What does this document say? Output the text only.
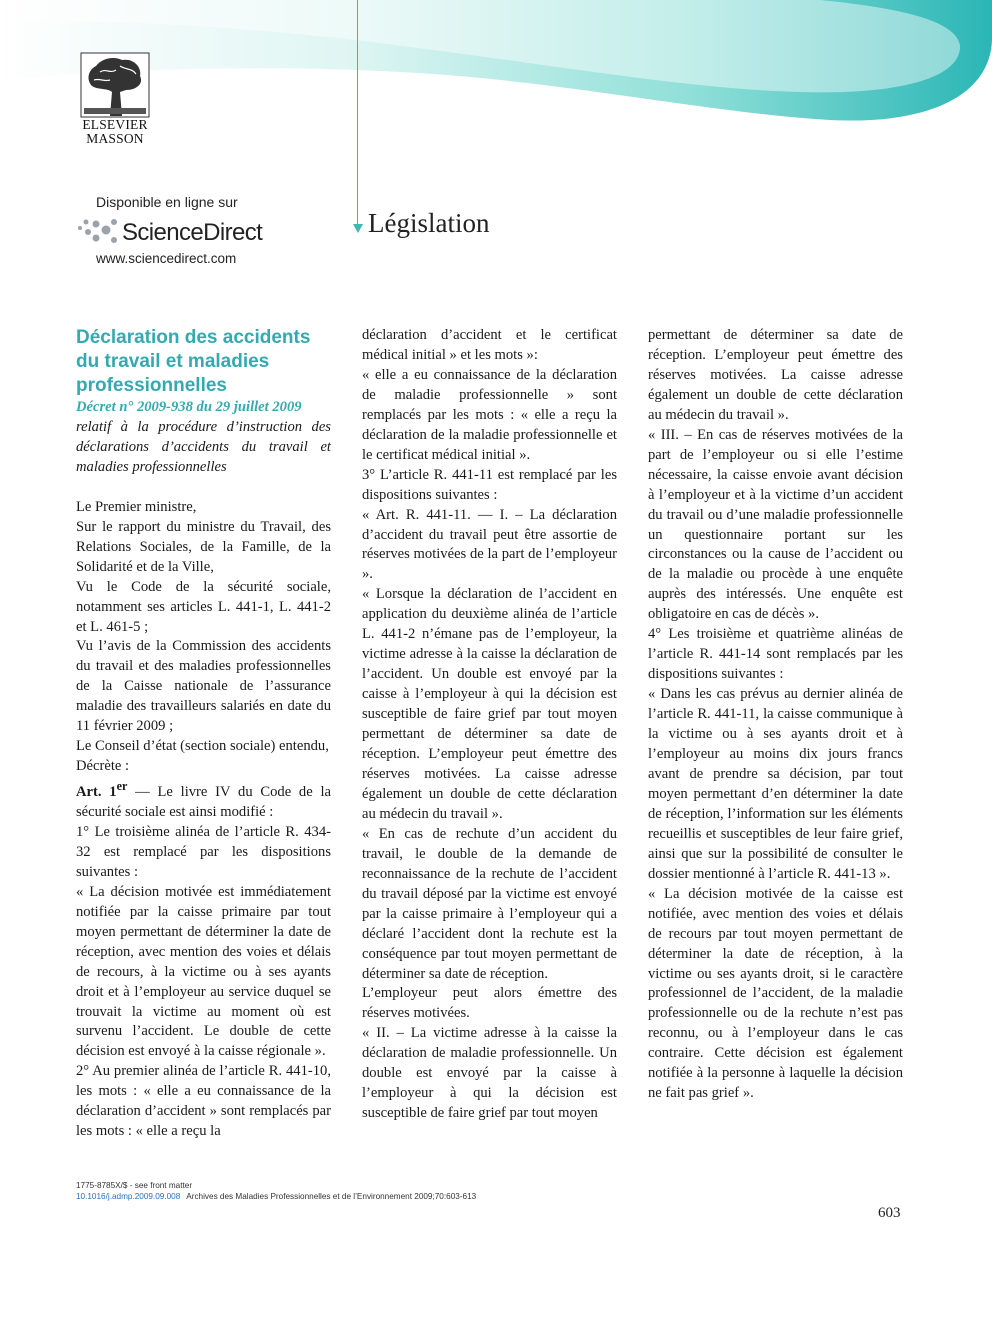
ELSEVIER
MASSON
Disponible en ligne sur
ScienceDirect
www.sciencedirect.com
Législation

Déclaration des accidents du travail et maladies professionnelles

Décret n° 2009-938 du 29 juillet 2009

relatif à la procédure d’instruction des déclarations d’accidents du travail et maladies professionnelles

Le Premier ministre,

Sur le rapport du ministre du Travail, des Relations Sociales, de la Famille, de la Solidarité et de la Ville,

Vu le Code de la sécurité sociale, notamment ses articles L. 441-1, L. 441-2 et L. 461-5 ;

Vu l’avis de la Commission des accidents du travail et des maladies professionnelles de la Caisse nationale de l’assurance maladie des travailleurs salariés en date du 11 février 2009 ;

Le Conseil d’état (section sociale) entendu,

Décrète :

Art. 1er — Le livre IV du Code de la sécurité sociale est ainsi modifié :

1° Le troisième alinéa de l’article R. 434-32 est remplacé par les dispositions suivantes :

« La décision motivée est immédiatement notifiée par la caisse primaire par tout moyen permettant de déterminer la date de réception, avec mention des voies et délais de recours, à la victime ou à ses ayants droit et à l’employeur au service duquel se trouvait la victime au moment où est survenu l’accident. Le double de cette décision est envoyé à la caisse régionale ».

2° Au premier alinéa de l’article R. 441-10, les mots : « elle a eu connaissance de la déclaration d’accident » sont remplacés par les mots : « elle a reçu la

déclaration d’accident et le certificat médical initial » et les mots »:

« elle a eu connaissance de la déclaration de maladie professionnelle » sont remplacés par les mots : « elle a reçu la déclaration de la maladie professionnelle et le certificat médical initial ».

3° L’article R. 441-11 est remplacé par les dispositions suivantes :

« Art. R. 441-11. — I. – La déclaration d’accident du travail peut être assortie de réserves motivées de la part de l’employeur ».

« Lorsque la déclaration de l’accident en application du deuxième alinéa de l’article L. 441-2 n’émane pas de l’employeur, la victime adresse à la caisse la déclaration de l’accident. Un double est envoyé par la caisse à l’employeur à qui la décision est susceptible de faire grief par tout moyen permettant de déterminer sa date de réception. L’employeur peut émettre des réserves motivées. La caisse adresse également un double de cette déclaration au médecin du travail ».

« En cas de rechute d’un accident du travail, le double de la demande de reconnaissance de la rechute de l’accident du travail déposé par la victime est envoyé par la caisse primaire à l’employeur qui a déclaré l’accident dont la rechute est la conséquence par tout moyen permettant de déterminer sa date de réception.

L’employeur peut alors émettre des réserves motivées.

« II. – La victime adresse à la caisse la déclaration de maladie professionnelle. Un double est envoyé par la caisse à l’employeur à qui la décision est susceptible de faire grief par tout moyen

permettant de déterminer sa date de réception. L’employeur peut émettre des réserves motivées. La caisse adresse également un double de cette déclaration au médecin du travail ».

« III. – En cas de réserves motivées de la part de l’employeur ou si elle l’estime nécessaire, la caisse envoie avant décision à l’employeur et à la victime d’un accident du travail ou d’une maladie professionnelle un questionnaire portant sur les circonstances ou la cause de l’accident ou de la maladie ou procède à une enquête auprès des intéressés. Une enquête est obligatoire en cas de décès ».

4° Les troisième et quatrième alinéas de l’article R. 441-14 sont remplacés par les dispositions suivantes :

« Dans les cas prévus au dernier alinéa de l’article R. 441-11, la caisse communique à la victime ou à ses ayants droit et à l’employeur au moins dix jours francs avant de prendre sa décision, par tout moyen permettant d’en déterminer la date de réception, l’information sur les éléments recueillis et susceptibles de leur faire grief, ainsi que sur la possibilité de consulter le dossier mentionné à l’article R. 441-13 ».

« La décision motivée de la caisse est notifiée, avec mention des voies et délais de recours par tout moyen permettant de déterminer la date de réception, à la victime ou ses ayants droit, si le caractère professionnel de l’accident, de la maladie professionnelle ou de la rechute n’est pas reconnu, ou à l’employeur dans le cas contraire. Cette décision est également notifiée à la personne à laquelle la décision ne fait pas grief ».

1775-8785X/$ - see front matter
10.1016/j.admp.2009.09.008 Archives des Maladies Professionnelles et de l’Environnement 2009;70:603-613
603
